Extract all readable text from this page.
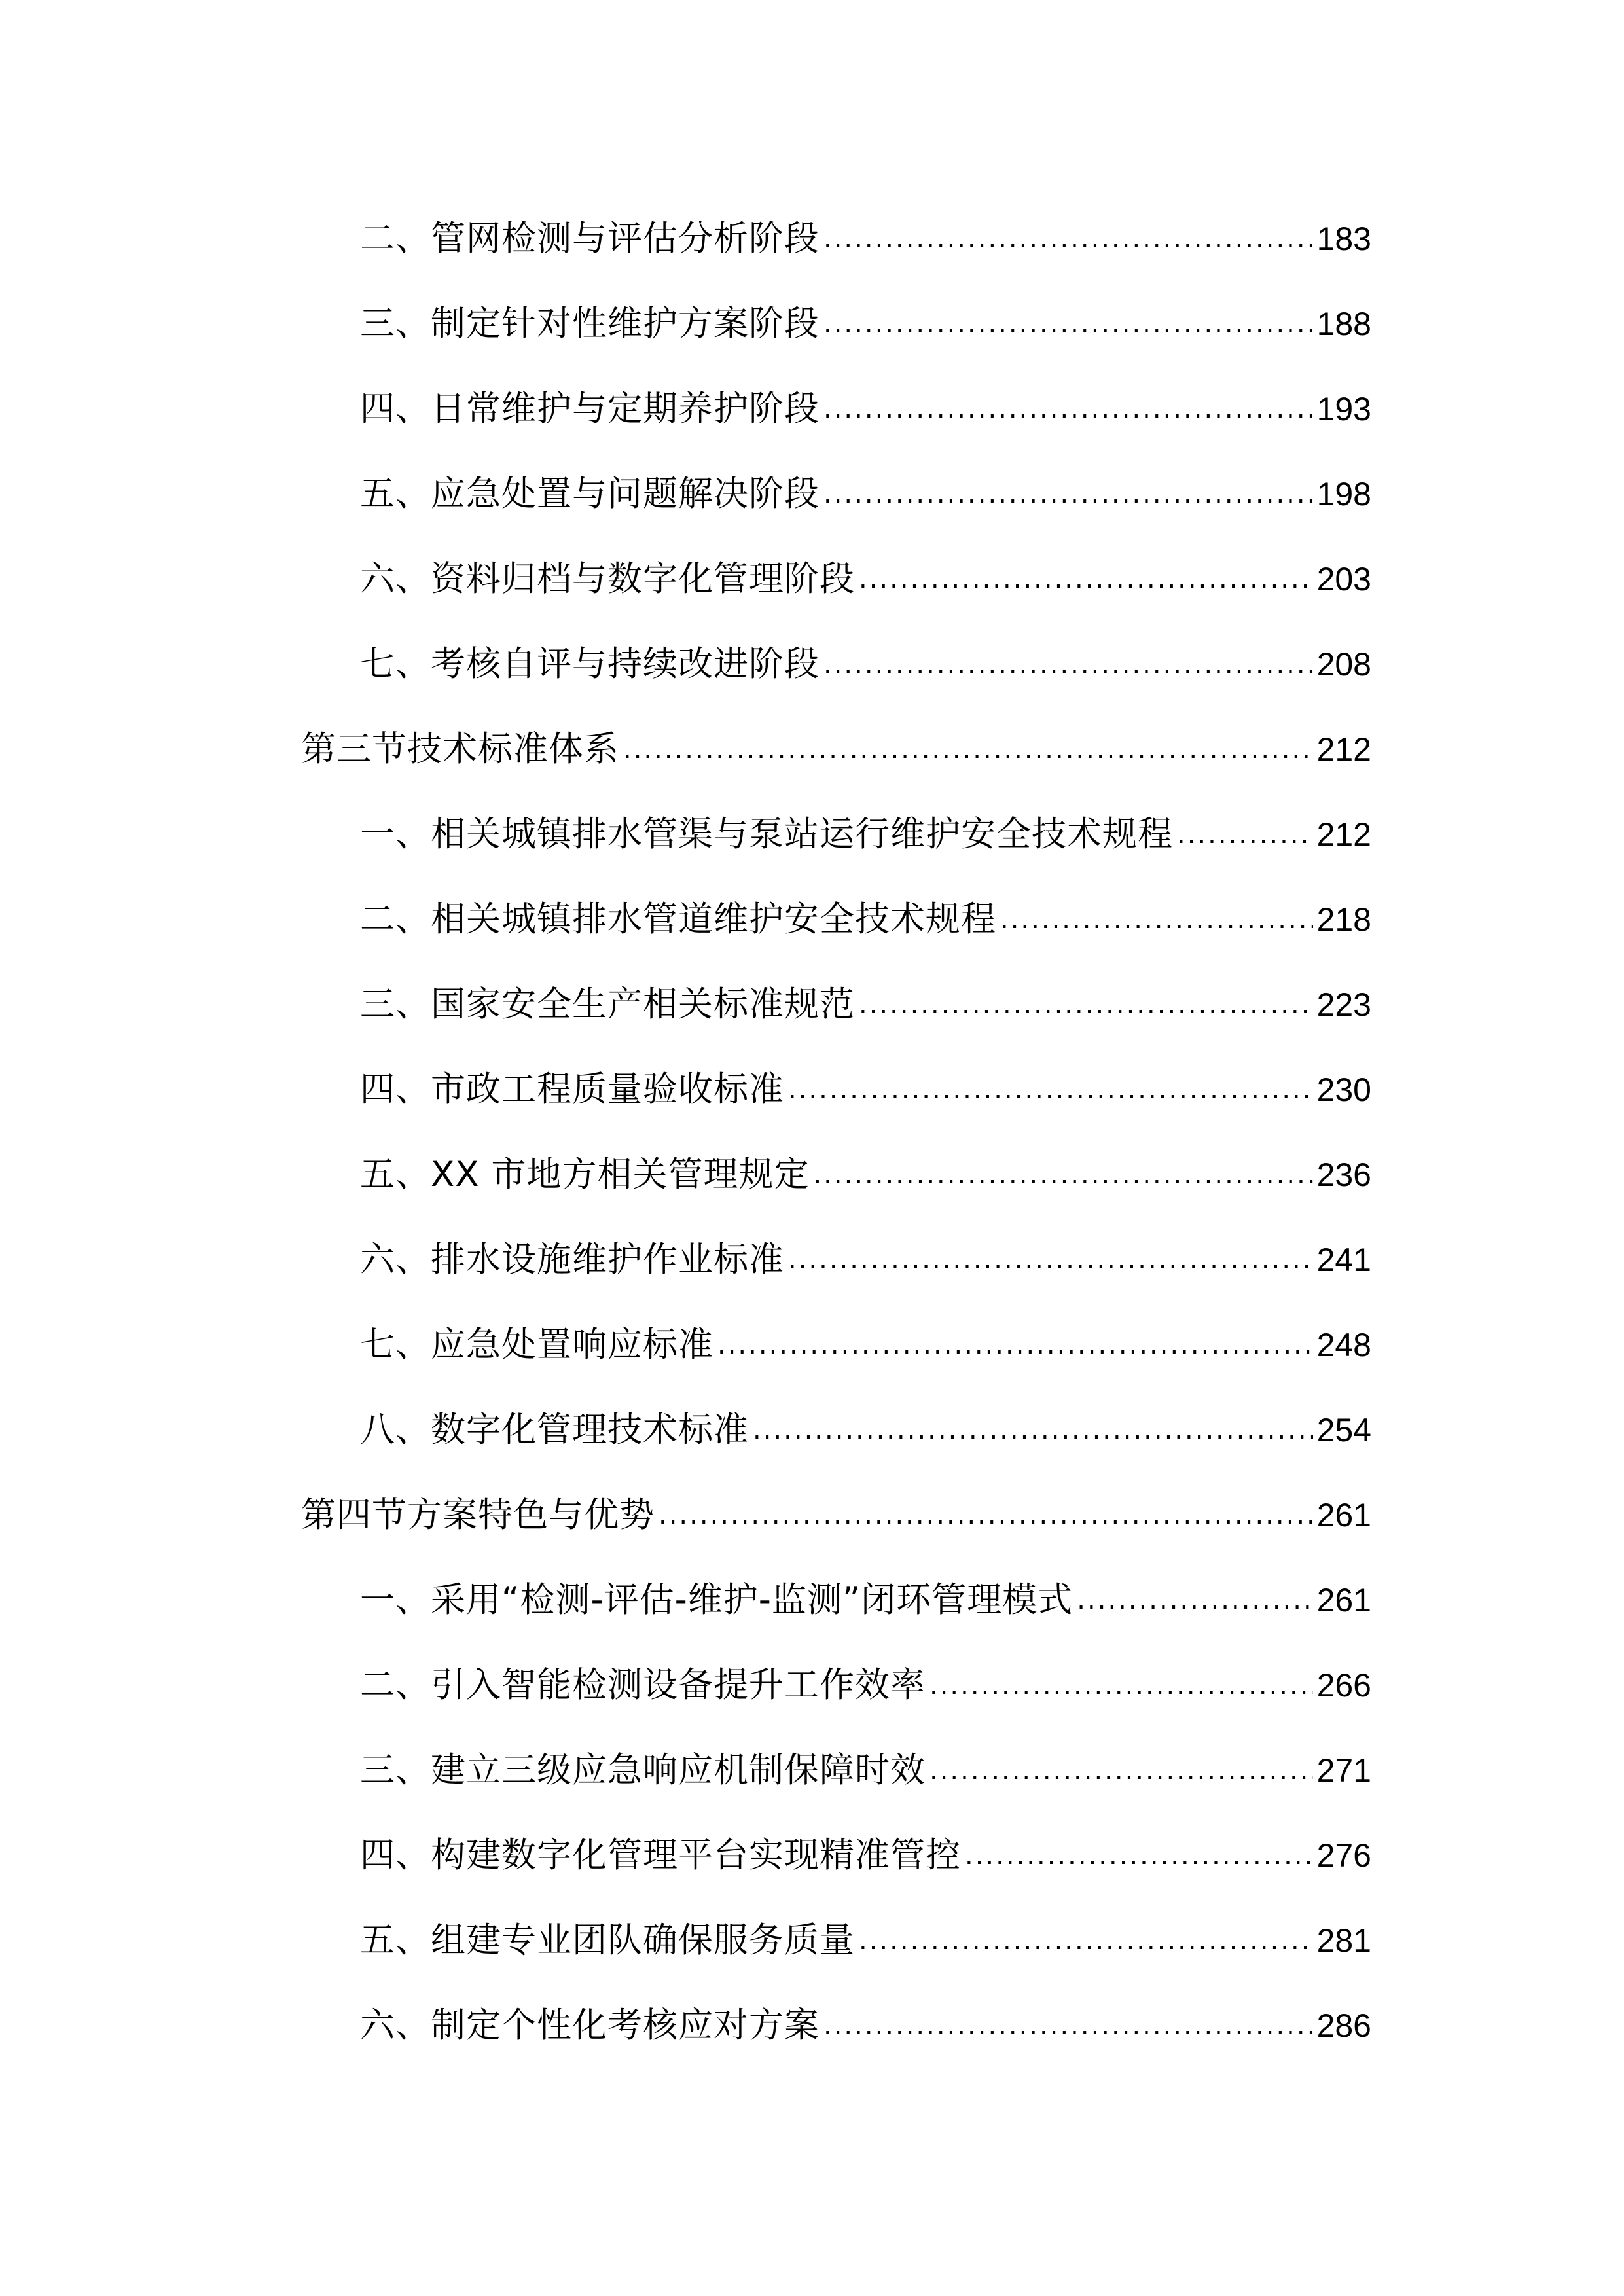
二、管网检测与评估分析阶段 .....	183
三、制定针对性维护方案阶段 .....	188
四、日常维护与定期养护阶段 .....	193
五、应急处置与问题解决阶段 .....	198
六、资料归档与数字化管理阶段 .....	203
七、考核自评与持续改进阶段 .....	208
第三节技术标准体系 .....	212
一、相关城镇排水管渠与泵站运行维护安全技术规程 .....	212
二、相关城镇排水管道维护安全技术规程 .....	218
三、国家安全生产相关标准规范 .....	223
四、市政工程质量验收标准 .....	230
五、XX 市地方相关管理规定 .....	236
六、排水设施维护作业标准 .....	241
七、应急处置响应标准 .....	248
八、数字化管理技术标准 .....	254
第四节方案特色与优势 .....	261
一、采用“检测-评估-维护-监测”闭环管理模式 .....	261
二、引入智能检测设备提升工作效率 .....	266
三、建立三级应急响应机制保障时效 .....	271
四、构建数字化管理平台实现精准管控 .....	276
五、组建专业团队确保服务质量 .....	281
六、制定个性化考核应对方案 .....	286
